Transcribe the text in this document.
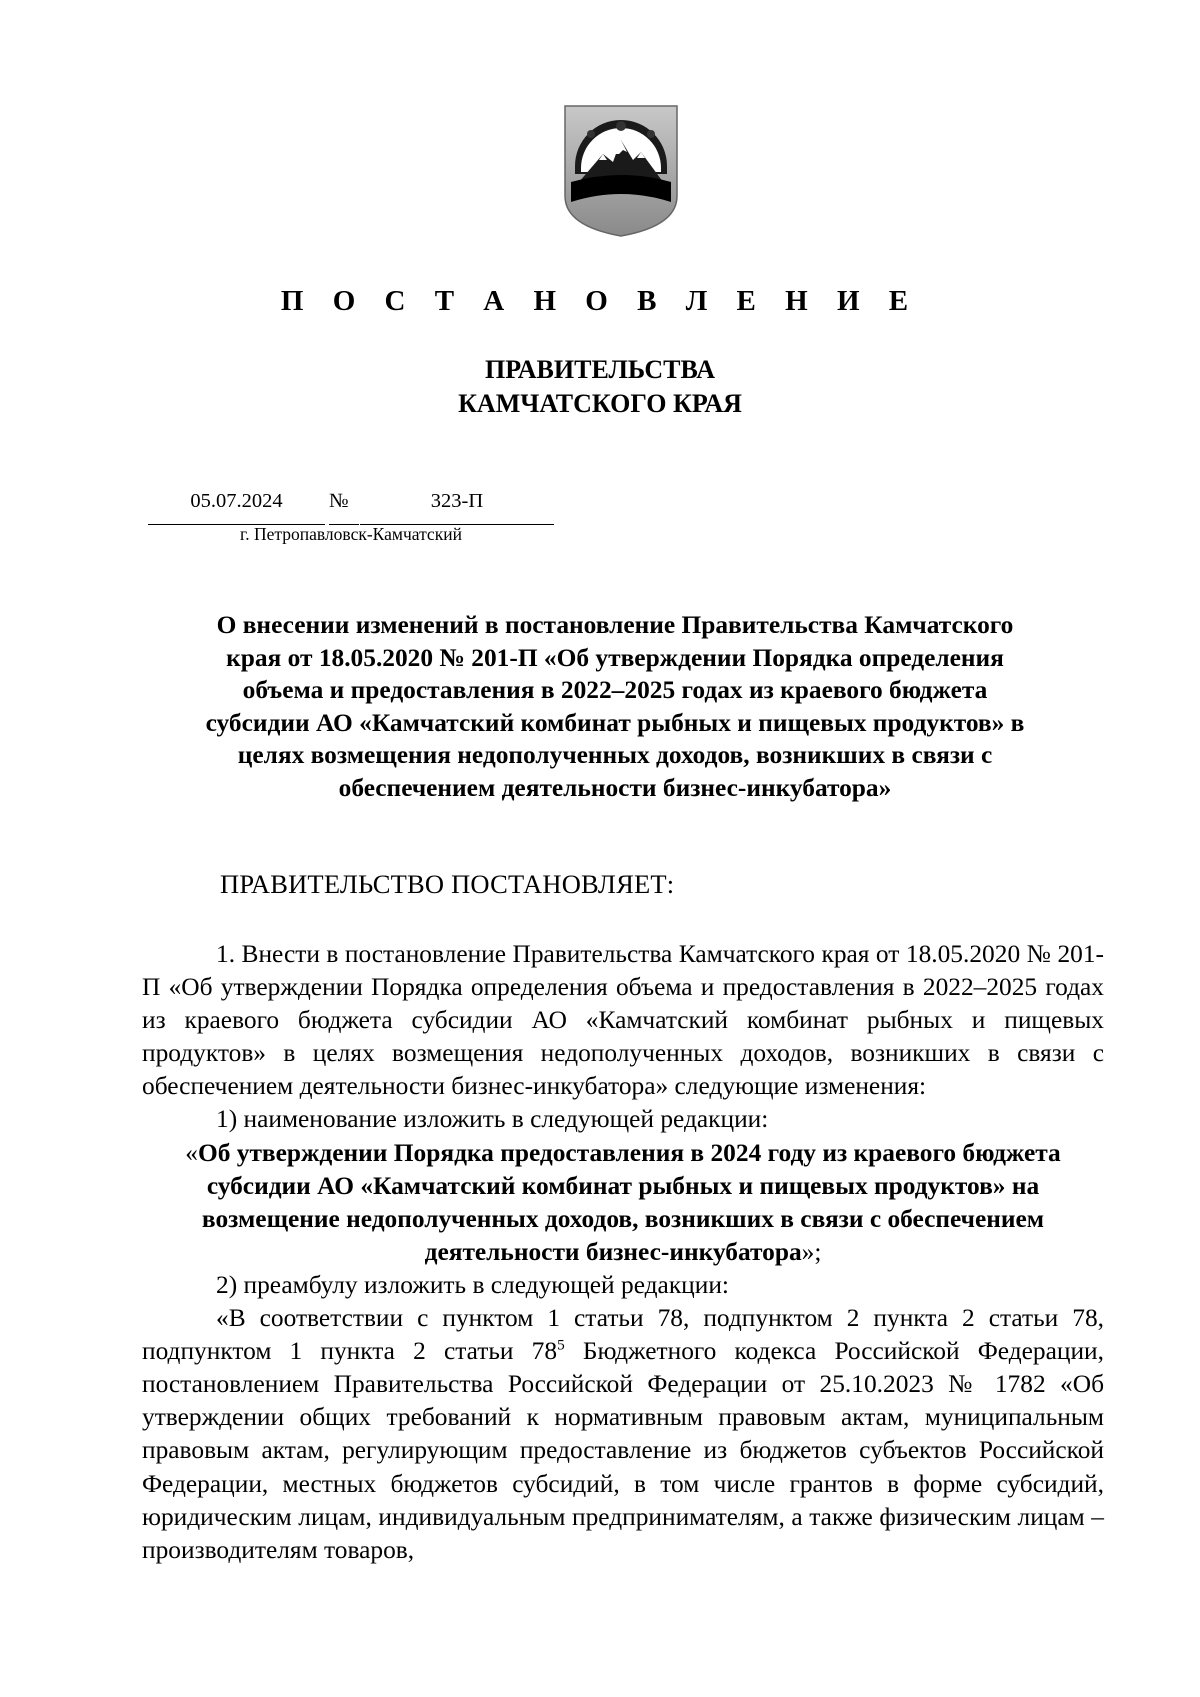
П О С Т А Н О В Л Е Н И Е
ПРАВИТЕЛЬСТВА
КАМЧАТСКОГО КРАЯ
05.07.2024	№	323-П
г. Петропавловск-Камчатский
О внесении изменений в постановление Правительства Камчатского
края от 18.05.2020 № 201-П «Об утверждении Порядка определения
объема и предоставления в 2022–2025 годах из краевого бюджета
субсидии АО «Камчатский комбинат рыбных и пищевых продуктов» в
целях возмещения недополученных доходов, возникших в связи с
обеспечением деятельности бизнес-инкубатора»
ПРАВИТЕЛЬСТВО ПОСТАНОВЛЯЕТ:

1. Внести в постановление Правительства Камчатского края от 18.05.2020 № 201-П «Об утверждении Порядка определения объема и предоставления в 2022–2025 годах из краевого бюджета субсидии АО «Камчатский комбинат рыбных и пищевых продуктов» в целях возмещения недополученных доходов, возникших в связи с обеспечением деятельности бизнес-инкубатора» следующие изменения:

1) наименование изложить в следующей редакции:

«Об утверждении Порядка предоставления в 2024 году из краевого бюджета субсидии АО «Камчатский комбинат рыбных и пищевых продуктов» на возмещение недополученных доходов, возникших в связи с обеспечением деятельности бизнес-инкубатора»;

2) преамбулу изложить в следующей редакции:

«В соответствии с пунктом 1 статьи 78, подпунктом 2 пункта 2 статьи 78, подпунктом 1 пункта 2 статьи $78^5$ Бюджетного кодекса Российской Федерации, постановлением Правительства Российской Федерации от 25.10.2023 № 1782 «Об утверждении общих требований к нормативным правовым актам, муниципальным правовым актам, регулирующим предоставление из бюджетов субъектов Российской Федерации, местных бюджетов субсидий, в том числе грантов в форме субсидий, юридическим лицам, индивидуальным предпринимателям, а также физическим лицам – производителям товаров,
